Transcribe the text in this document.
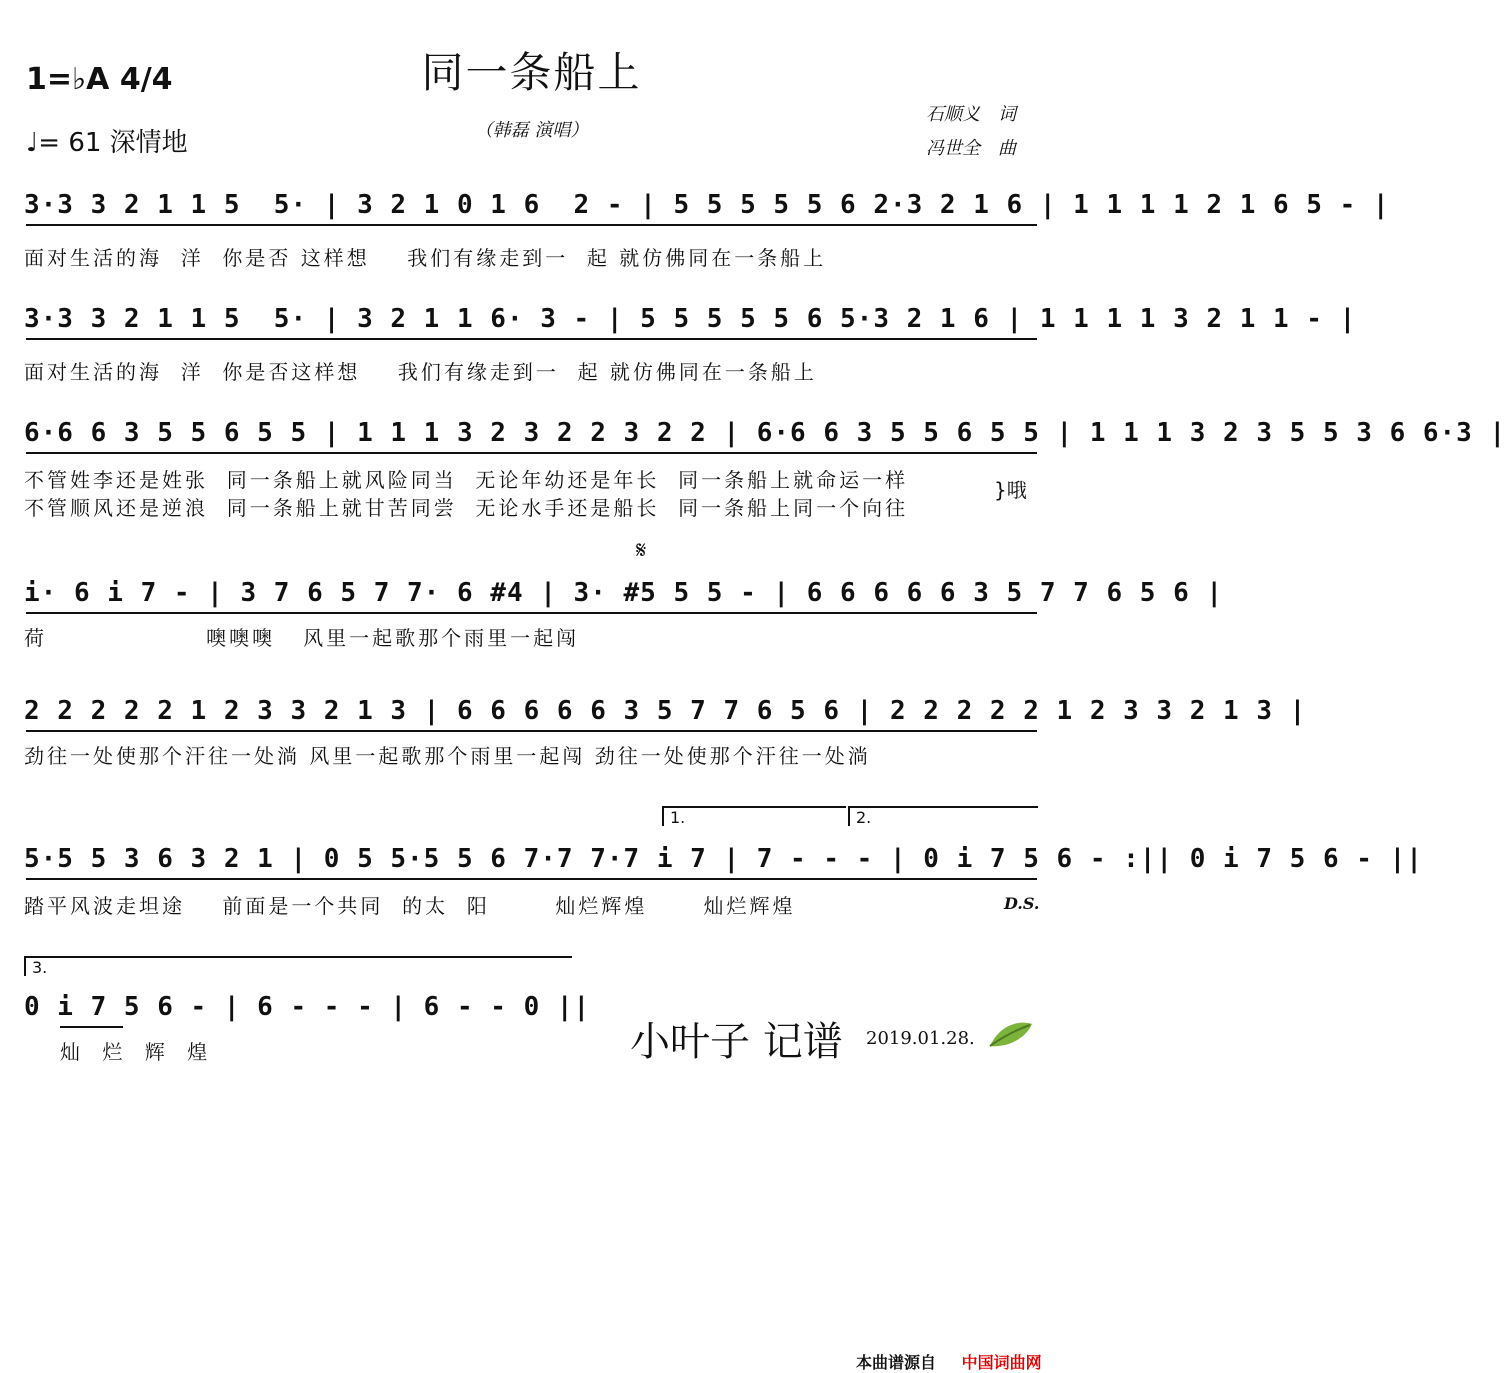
同一条船上
（韩磊 演唱）
1=♭A 4/4
♩= 61 深情地
石顺义　词
冯世全　曲
3·3 3 2 1 1 5  5· | 3 2 1 0 1 6  2 - | 5 5 5 5 5 6 2·3 2 1 6 | 1 1 1 1 2 1 6 5 - |
面对生活的海  洋  你是否 这样想    我们有缘走到一  起 就仿佛同在一条船上
3·3 3 2 1 1 5  5· | 3 2 1 1 6· 3 - | 5 5 5 5 5 6 5·3 2 1 6 | 1 1 1 1 3 2 1 1 - |
面对生活的海  洋  你是否这样想    我们有缘走到一  起 就仿佛同在一条船上
6·6 6 3 5 5 6 5 5 | 1 1 1 3 2 3 2 2 3 2 2 | 6·6 6 3 5 5 6 5 5 | 1 1 1 3 2 3 5 5 3 6 6·3 |
不管姓李还是姓张  同一条船上就风险同当  无论年幼还是年长  同一条船上就命运一样
不管顺风还是逆浪  同一条船上就甘苦同尝  无论水手还是船长  同一条船上同一个向往
}哦
𝄋
i· 6 i 7 - | 3 7 6 5 7 7· 6 #4 | 3· #5 5 5 - | 6 6 6 6 6 3 5 7 7 6 5 6 |
荷                 噢噢噢   风里一起歌那个雨里一起闯
2 2 2 2 2 1 2 3 3 2 1 3 | 6 6 6 6 6 3 5 7 7 6 5 6 | 2 2 2 2 2 1 2 3 3 2 1 3 |
劲往一处使那个汗往一处淌 风里一起歌那个雨里一起闯 劲往一处使那个汗往一处淌
1.	2.
5·5 5 3 6 3 2 1 | 0 5 5·5 5 6 7·7 7·7 i 7 | 7 - - - | 0 i 7 5 6 - :|| 0 i 7 5 6 - ||
踏平风波走坦途    前面是一个共同  的太  阳       灿烂辉煌      灿烂辉煌	D.S.
3.
0 i 7 5 6 - | 6 - - - | 6 - - 0 ||
灿 烂 辉 煌	小叶子 记谱 2019.01.28.
本曲谱源自 中国词曲网
